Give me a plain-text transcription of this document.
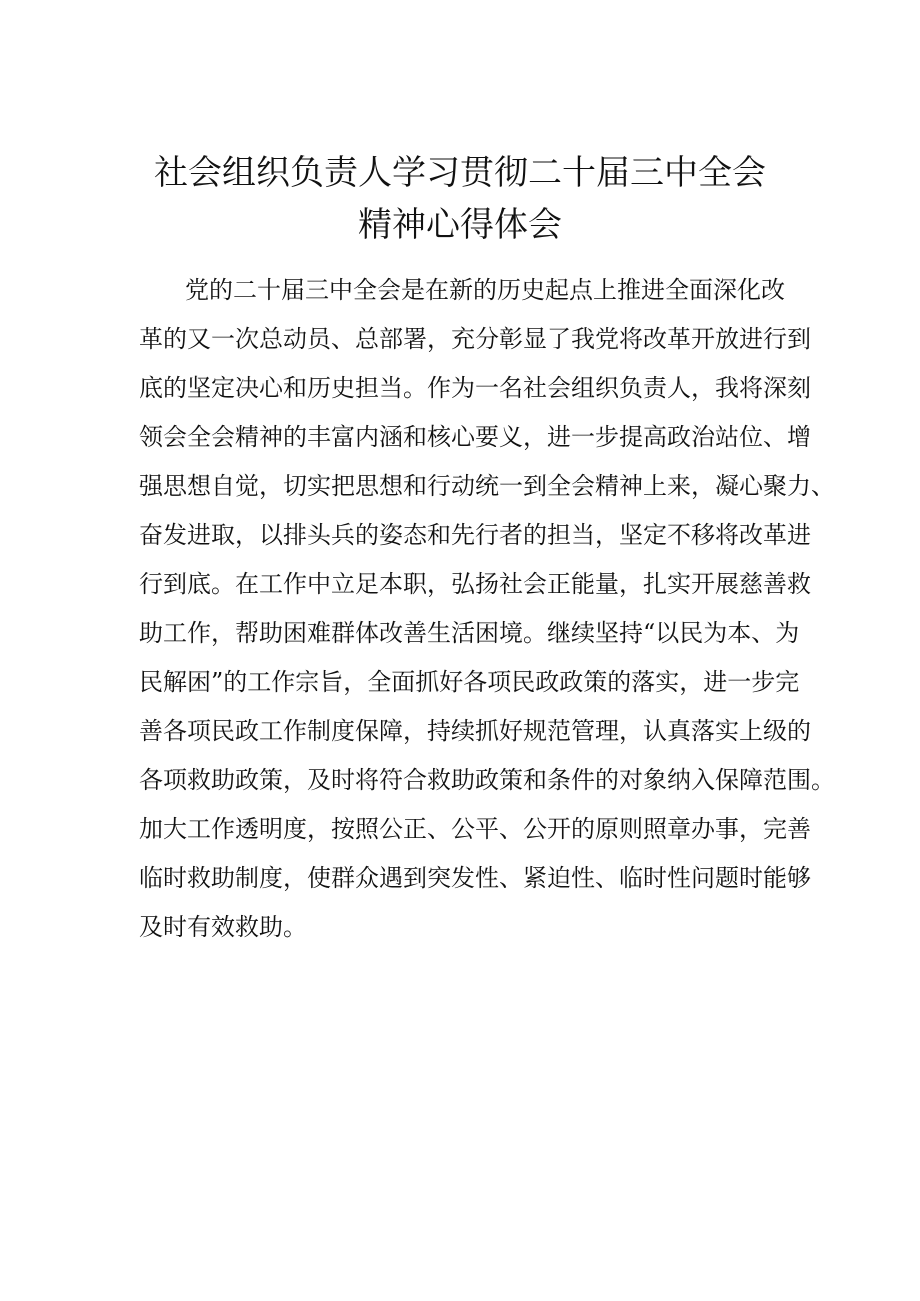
社会组织负责人学习贯彻二十届三中全会
精神心得体会

党的二十届三中全会是在新的历史起点上推进全面深化改

革的又一次总动员、总部署，充分彰显了我党将改革开放进行到

底的坚定决心和历史担当。作为一名社会组织负责人，我将深刻

领会全会精神的丰富内涵和核心要义，进一步提高政治站位、增

强思想自觉，切实把思想和行动统一到全会精神上来，凝心聚力、

奋发进取，以排头兵的姿态和先行者的担当，坚定不移将改革进

行到底。在工作中立足本职，弘扬社会正能量，扎实开展慈善救

助工作，帮助困难群体改善生活困境。继续坚持“以民为本、为

民解困”的工作宗旨，全面抓好各项民政政策的落实，进一步完

善各项民政工作制度保障，持续抓好规范管理，认真落实上级的

各项救助政策，及时将符合救助政策和条件的对象纳入保障范围。

加大工作透明度，按照公正、公平、公开的原则照章办事，完善

临时救助制度，使群众遇到突发性、紧迫性、临时性问题时能够

及时有效救助。
